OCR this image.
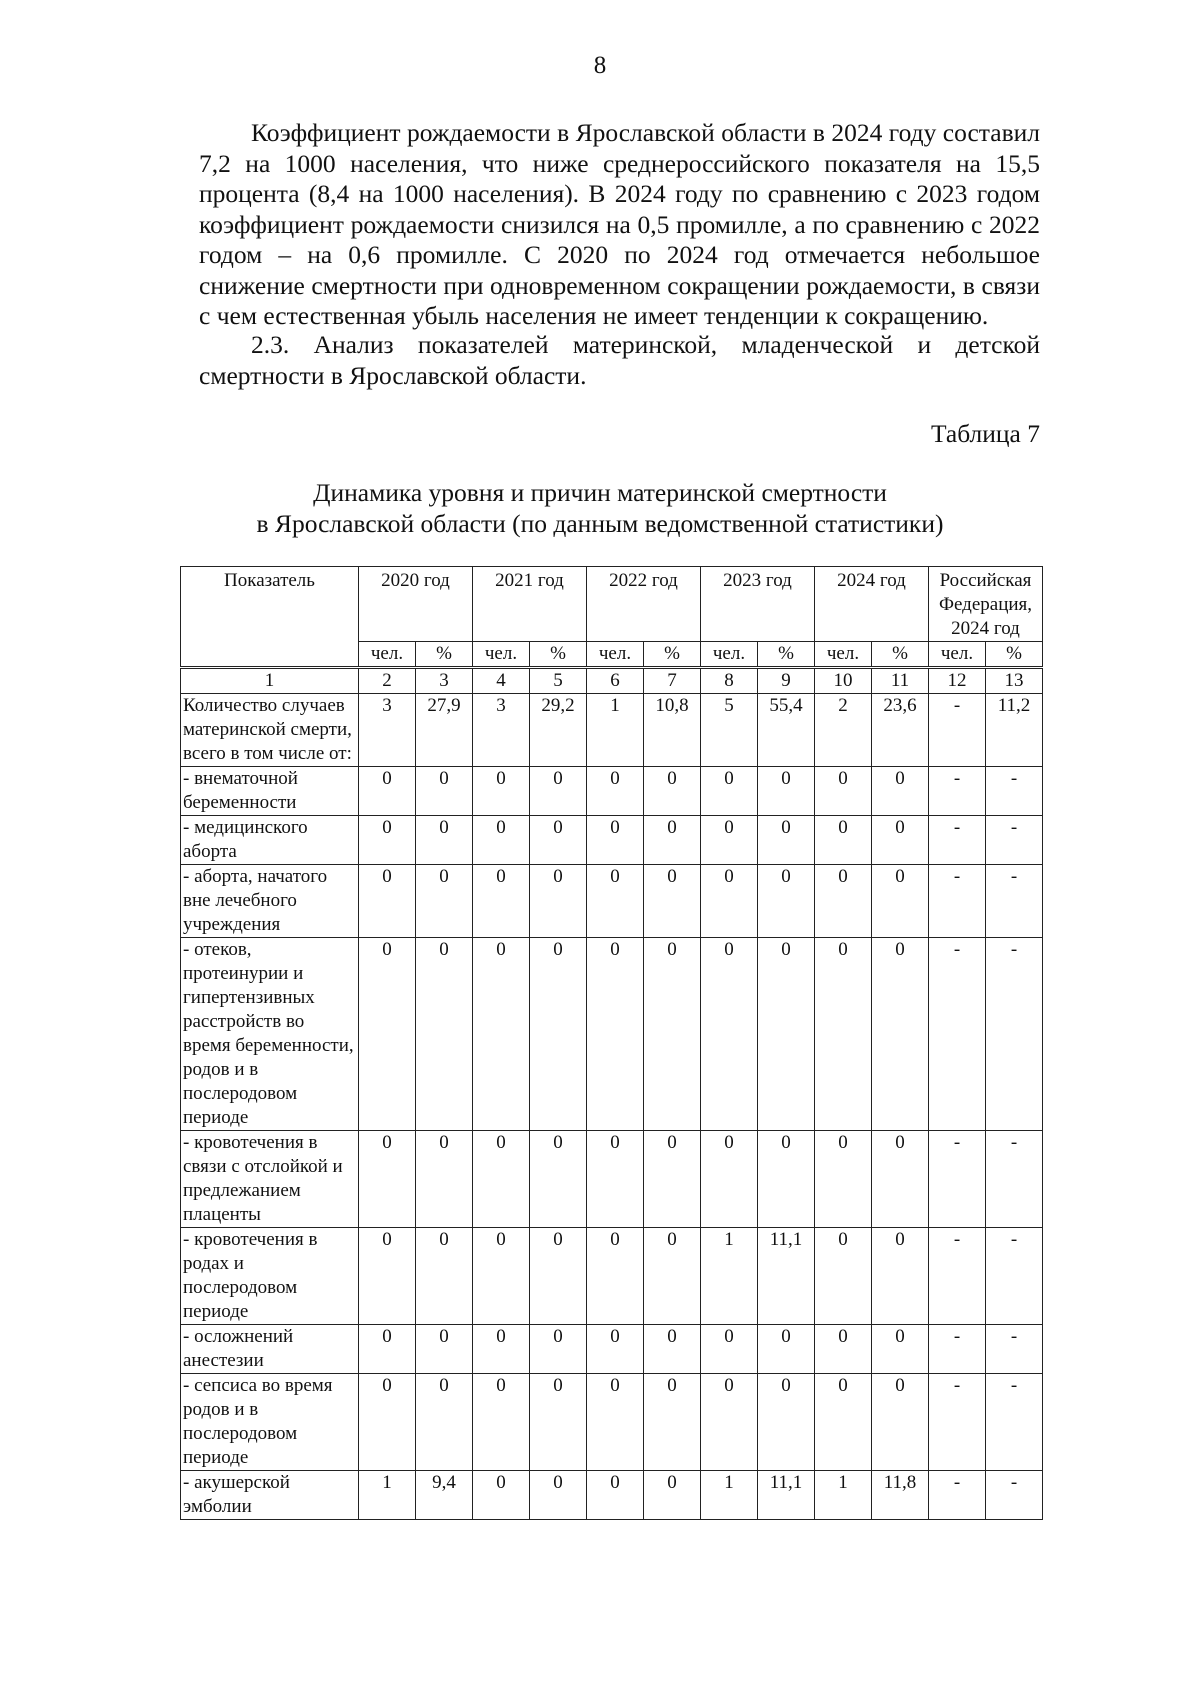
8
Коэффициент рождаемости в Ярославской области в 2024 году составил 7,2 на 1000 населения, что ниже среднероссийского показателя на 15,5 процента (8,4 на 1000 населения). В 2024 году по сравнению с 2023 годом коэффициент рождаемости снизился на 0,5 промилле, а по сравнению с 2022 годом – на 0,6 промилле. С 2020 по 2024 год отмечается небольшое снижение смертности при одновременном сокращении рождаемости, в связи с чем естественная убыль населения не имеет тенденции к сокращению.
2.3. Анализ показателей материнской, младенческой и детской смертности в Ярославской области.
Таблица 7
Динамика уровня и причин материнской смертности
в Ярославской области (по данным ведомственной статистики)
Показатель	2020 год		2021 год		2022 год		2023 год		2024 год		Российская Федерация, 2024 год	
	чел.	%	чел.	%	чел.	%	чел.	%	чел.	%	чел.	%
1	2	3	4	5	6	7	8	9	10	11	12	13
Количество случаев материнской смерти, всего в том числе от:	3	27,9	3	29,2	1	10,8	5	55,4	2	23,6	-	11,2
- внематочной беременности	0	0	0	0	0	0	0	0	0	0	-	-
- медицинского аборта	0	0	0	0	0	0	0	0	0	0	-	-
- аборта, начатого вне лечебного учреждения	0	0	0	0	0	0	0	0	0	0	-	-
- отеков, протеинурии и гипертензивных расстройств во время беременности, родов и в послеродовом периоде	0	0	0	0	0	0	0	0	0	0	-	-
- кровотечения в связи с отслойкой и предлежанием плаценты	0	0	0	0	0	0	0	0	0	0	-	-
- кровотечения в родах и послеродовом периоде	0	0	0	0	0	0	1	11,1	0	0	-	-
- осложнений анестезии	0	0	0	0	0	0	0	0	0	0	-	-
- сепсиса во время родов и в послеродовом периоде	0	0	0	0	0	0	0	0	0	0	-	-
- акушерской эмболии	1	9,4	0	0	0	0	1	11,1	1	11,8	-	-
